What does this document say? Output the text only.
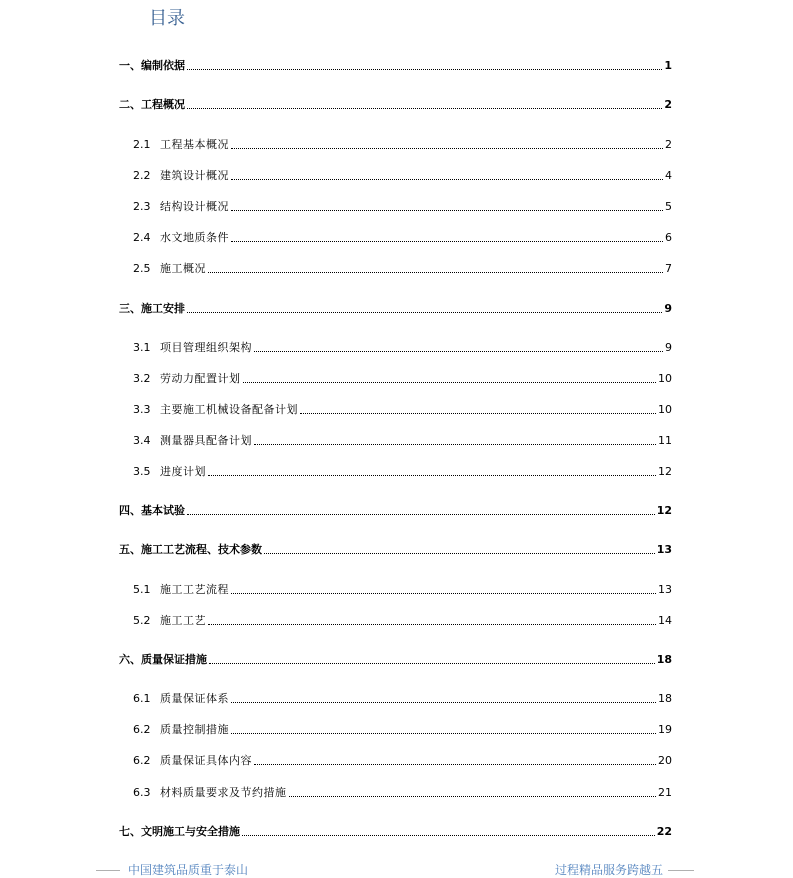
目录
一、编制依据	1
二、工程概况	2
2.1 工程基本概况	2
2.2 建筑设计概况	4
2.3 结构设计概况	5
2.4 水文地质条件	6
2.5 施工概况	7
三、施工安排	9
3.1 项目管理组织架构	9
3.2 劳动力配置计划	10
3.3 主要施工机械设备配备计划	10
3.4 测量器具配备计划	11
3.5 进度计划	12
四、基本试验	12
五、施工工艺流程、技术参数	13
5.1 施工工艺流程	13
5.2 施工工艺	14
六、质量保证措施	18
6.1 质量保证体系	18
6.2 质量控制措施	19
6.2 质量保证具体内容	20
6.3 材料质量要求及节约措施	21
七、文明施工与安全措施	22
中国建筑品质重于泰山	过程精品服务跨越五
